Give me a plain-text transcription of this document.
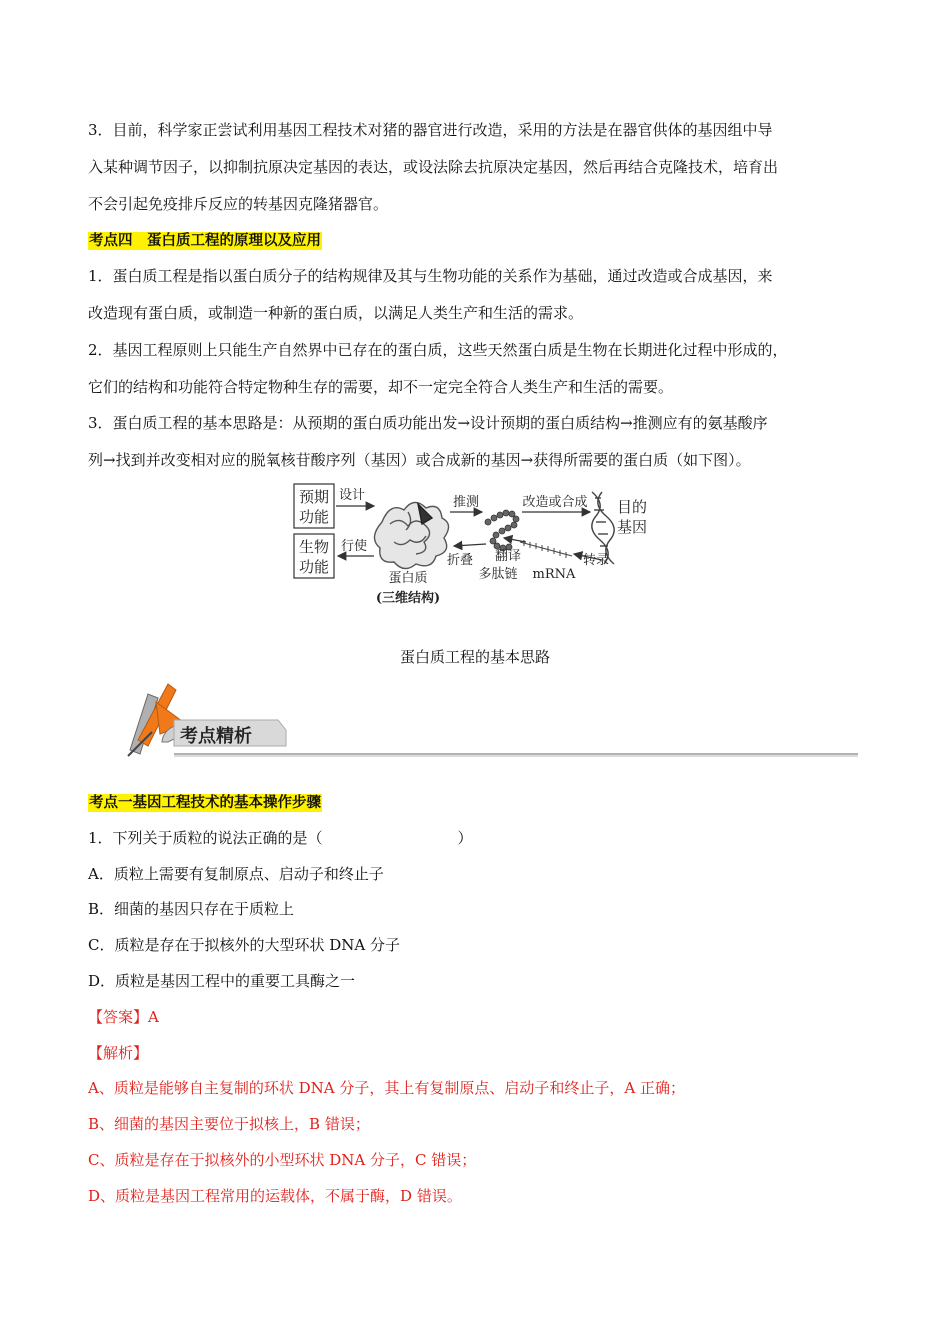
3．目前，科学家正尝试利用基因工程技术对猪的器官进行改造，采用的方法是在器官供体的基因组中导
入某种调节因子，以抑制抗原决定基因的表达，或设法除去抗原决定基因，然后再结合克隆技术，培育出
不会引起免疫排斥反应的转基因克隆猪器官。
考点四　蛋白质工程的原理以及应用
1．蛋白质工程是指以蛋白质分子的结构规律及其与生物功能的关系作为基础，通过改造或合成基因，来
改造现有蛋白质，或制造一种新的蛋白质，以满足人类生产和生活的需求。
2．基因工程原则上只能生产自然界中已存在的蛋白质，这些天然蛋白质是生物在长期进化过程中形成的，
它们的结构和功能符合特定物种生存的需要，却不一定完全符合人类生产和生活的需要。
3．蛋白质工程的基本思路是：从预期的蛋白质功能出发→设计预期的蛋白质结构→推测应有的氨基酸序
列→找到并改变相对应的脱氧核苷酸序列（基因）或合成新的基因→获得所需要的蛋白质（如下图）。
预期
功能
生物
功能
设计
行使
蛋白质
(三维结构)
推测	改造或合成 目的
基因
转录
mRNA
翻译
多肽链
折叠
蛋白质工程的基本思路
考点精析
考点一基因工程技术的基本操作步骤
1．下列关于质粒的说法正确的是（　　　　　　　　　）
A．质粒上需要有复制原点、启动子和终止子
B．细菌的基因只存在于质粒上
C．质粒是存在于拟核外的大型环状 DNA 分子
D．质粒是基因工程中的重要工具酶之一
【答案】A
【解析】
A、质粒是能够自主复制的环状 DNA 分子，其上有复制原点、启动子和终止子，A 正确；
B、细菌的基因主要位于拟核上，B 错误；
C、质粒是存在于拟核外的小型环状 DNA 分子，C 错误；
D、质粒是基因工程常用的运载体，不属于酶，D 错误。
